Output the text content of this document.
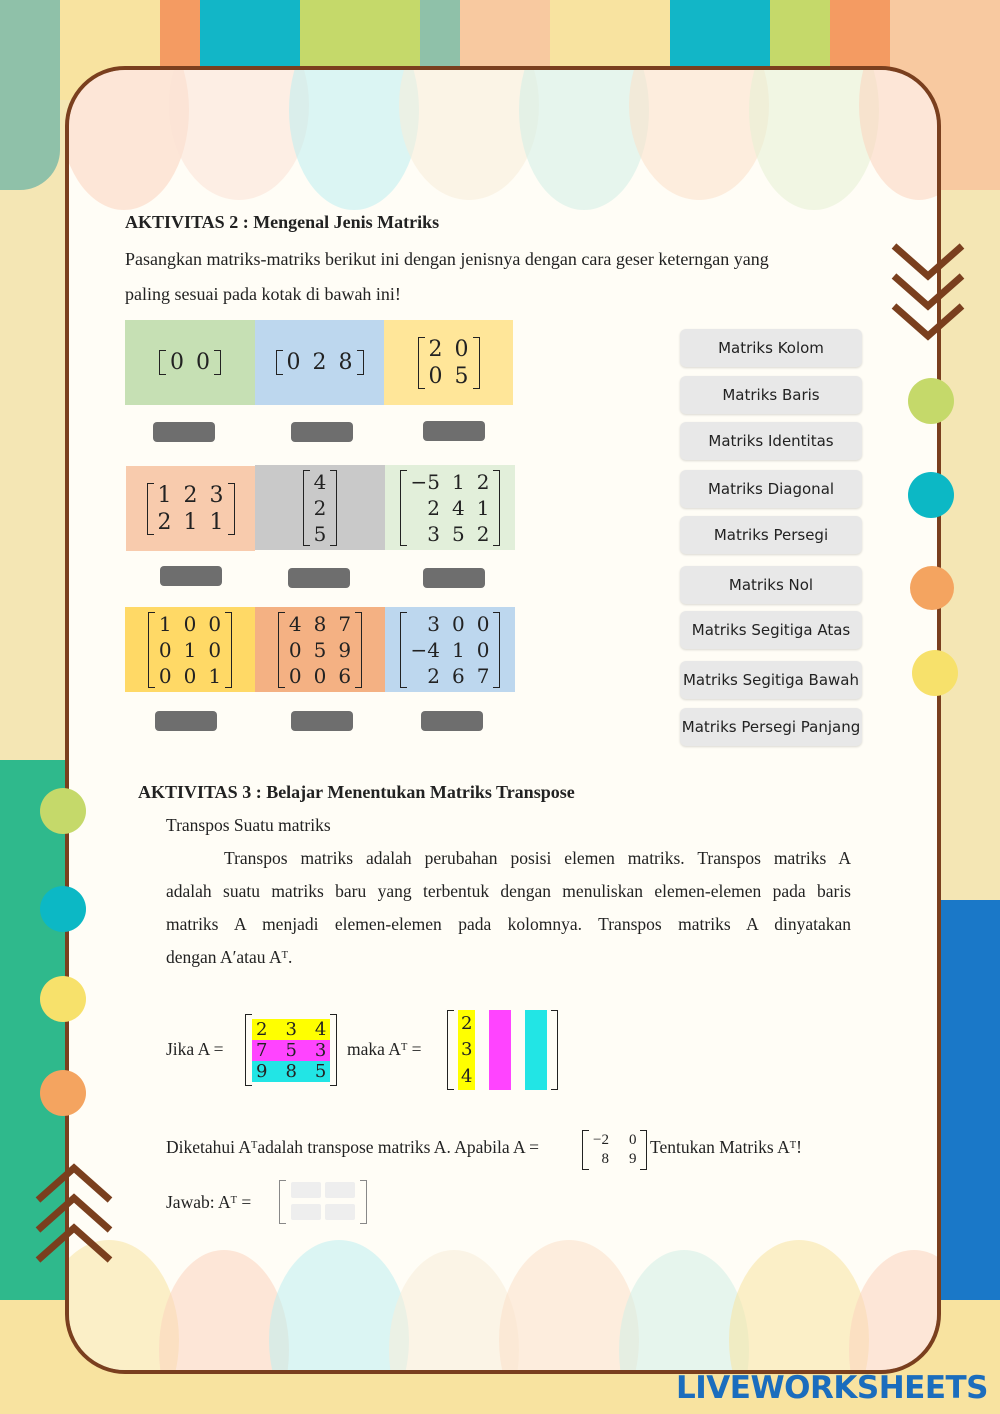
AKTIVITAS 2 : Mengenal Jenis Matriks
Pasangkan matriks-matriks berikut ini dengan jenisnya dengan cara geser keterngan yang
paling sesuai pada kotak di bawah ini!
0 0	0 2 8
2 0
0 5
1 2 3
2 1 1
4
2
5
−5 1 2
2 4 1
3 5 2
1 0 0
0 1 0
0 0 1
4 8 7
0 5 9
0 0 6
3 0 0
−4 1 0
2 6 7
Matriks Kolom
Matriks Baris
Matriks Identitas
Matriks Diagonal
Matriks Persegi
Matriks Nol
Matriks Segitiga Atas
Matriks Segitiga Bawah
Matriks Persegi Panjang
AKTIVITAS 3 : Belajar Menentukan Matriks Transpose
Transpos Suatu matriks
Transpos matriks adalah perubahan posisi elemen matriks. Transpos matriks A
adalah suatu matriks baru yang terbentuk dengan menuliskan elemen-elemen pada baris
matriks A menjadi elemen-elemen pada kolomnya. Transpos matriks A dinyatakan
dengan A′atau Aᵀ.
Jika A =
2 3 4
7 5 3
9 8 5
maka Aᵀ =
2
3
4
Diketahui Aᵀadalah transpose matriks A. Apabila A =	−2 0
8 9
Tentukan Matriks Aᵀ!
Jawab: Aᵀ =
LIVEWORKSHEETS
